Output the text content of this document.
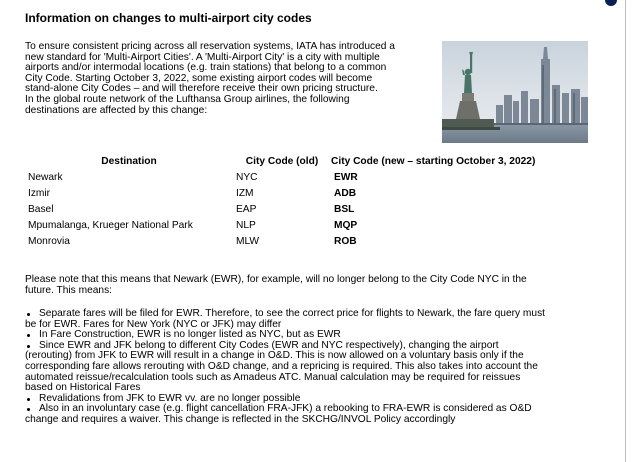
Information on changes to multi-airport city codes

To ensure consistent pricing across all reservation systems, IATA has introduced a
new standard for 'Multi-Airport Cities'. A 'Multi-Airport City' is a city with multiple
airports and/or intermodal locations (e.g. train stations) that belong to a common
City Code. Starting October 3, 2022, some existing airport codes will become
stand-alone City Codes – and will therefore receive their own pricing structure.
In the global route network of the Lufthansa Group airlines, the following
destinations are affected by this change:

Destination	City Code (old)	City Code (new – starting October 3, 2022)
Newark	NYC	EWR
Izmir	IZM	ADB
Basel	EAP	BSL
Mpumalanga, Krueger National Park	NLP	MQP
Monrovia	MLW	ROB

Please note that this means that Newark (EWR), for example, will no longer belong to the City Code NYC in the
future. This means:

Separate fares will be filed for EWR. Therefore, to see the correct price for flights to Newark, the fare query must
be for EWR. Fares for New York (NYC or JFK) may differ
In Fare Construction, EWR is no longer listed as NYC, but as EWR
Since EWR and JFK belong to different City Codes (EWR and NYC respectively), changing the airport
(rerouting) from JFK to EWR will result in a change in O&D. This is now allowed on a voluntary basis only if the
corresponding fare allows rerouting with O&D change, and a repricing is required. This also takes into account the
automated reissue/recalculation tools such as Amadeus ATC. Manual calculation may be required for reissues
based on Historical Fares
Revalidations from JFK to EWR vv. are no longer possible
Also in an involuntary case (e.g. flight cancellation FRA-JFK) a rebooking to FRA-EWR is considered as O&D
change and requires a waiver. This change is reflected in the SKCHG/INVOL Policy accordingly
